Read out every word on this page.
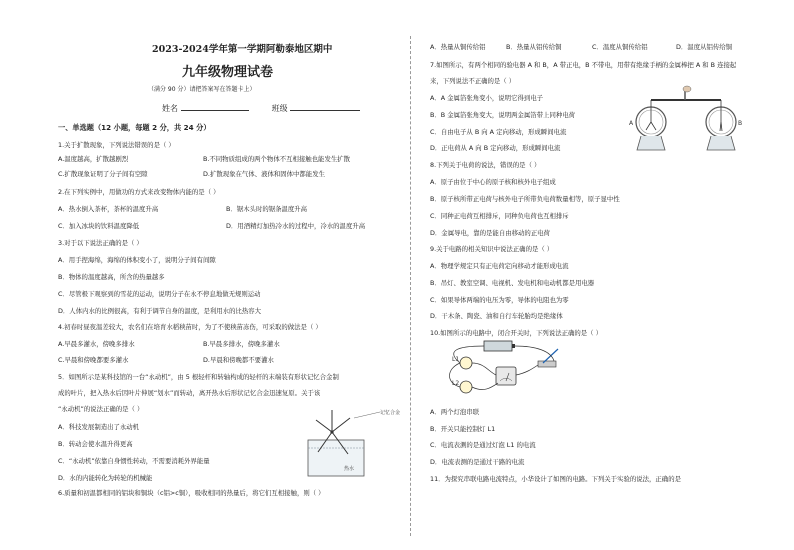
2023-2024学年第一学期阿勒泰地区期中
九年级物理试卷
（满分 90 分）请把答案写在答题卡上）
姓名	班级
一、单选题（12 小题，每题 2 分，共 24 分）
1.关于扩散现象，下列说法错误的是（ ）
A.温度越高，扩散越剧烈	B.不同物质组成的两个物体不互相接触也能发生扩散
C.扩散现象证明了分子间有空隙	D.扩散现象在气体、液体和固体中都能发生
2.在下列实例中，用做功的方式来改变物体内能的是（ ）
A．热水倒入茶杯，茶杯的温度升高	B．锯木头时的锯条温度升高
C．加入冰块的饮料温度降低	D．用酒精灯加热冷水的过程中，冷水的温度升高
3.对于以下说法正确的是（ ）
A．用手捏海绵，海绵的体积变小了，说明分子间有间隙
B．物体的温度越高，所含的热量越多
C．尽管极下观察到的雪花的运动，说明分子在永不停息地做无规则运动
D．人体内水的比例很高，有利于调节自身的温度，是利用水的比热容大
4.初春时昼夜温差较大，农名们在培育水稻秧苗时，为了不使秧苗冻伤，可采取的做法是（ ）
A.早晨多灌水，傍晚多排水	B.早晨多排水，傍晚多灌水
C.早晨和傍晚都要多灌水	D.早晨和傍晚都不要灌水
5．如图所示是某科技馆的一台“永动机”，由 5 根轻杆和转轴构成的轻杆的末端装有形状记忆合金制
成的叶片，把入热水后因叶片伸展“划水”而转动，离开热水后形状记忆合金迅速复原。关于该
“永动机”的说法正确的是（ ）
A．科技发展制造出了永动机
B．转动会使水温升得更高
C．“永动机”依靠自身惯性转动，不需要消耗外界能量
D．水的内能转化为转轮的机械能
6.质量和初温都相同的铝块和铜块（c铝>c铜），吸收相同的热量后，将它们互相接触，则（ ）
记忆合金
热水
A．热量从铜传给铝	B．热量从铝传给铜	C．温度从铜传给铝	D．温度从铝传给铜
7.如图所示，有两个相同的验电器 A 和 B，A 带正电，B 不带电，用带有绝缘手柄的金属棒把 A 和 B 连接起
来，下列说法不正确的是（ ）
A．A 金属箔张角变小，说明它得到电子
B．B 金属箔张角变大，说明两金属箔带上同种电荷
C．自由电子从 B 向 A 定向移动，形成瞬间电流
D．正电荷从 A 向 B 定向移动，形成瞬间电流
8.下列关于电荷的说法，错误的是（ ）
A．原子由位于中心的原子核和核外电子组成
B．原子核所带正电荷与核外电子所带负电荷数量相等，原子显中性
C．同种正电荷互相排斥，同种负电荷也互相排斥
D．金属导电，靠的是能自由移动的正电荷
9.关于电路的相关知识中说法正确的是（ ）
A．物理学规定只有正电荷定向移动才能形成电流
B．吊灯、教室空调、电视机、发电机和电动机都是用电器
C．如果导体两端的电压为零，导体的电阻也为零
D．干木条、陶瓷、油和自行车轮胎均是绝缘体
10.如图所示的电路中，闭合开关时，下列说法正确的是（ ）
A．两个灯泡串联
B．开关只能控制灯 L1
C．电流表测的是通过灯泡 L1 的电流
D．电流表测的是通过干路的电流
11．为探究串联电路电流特点，小华设计了如图的电路。下列关于实验的说法，正确的是
A	B
L1
L2
